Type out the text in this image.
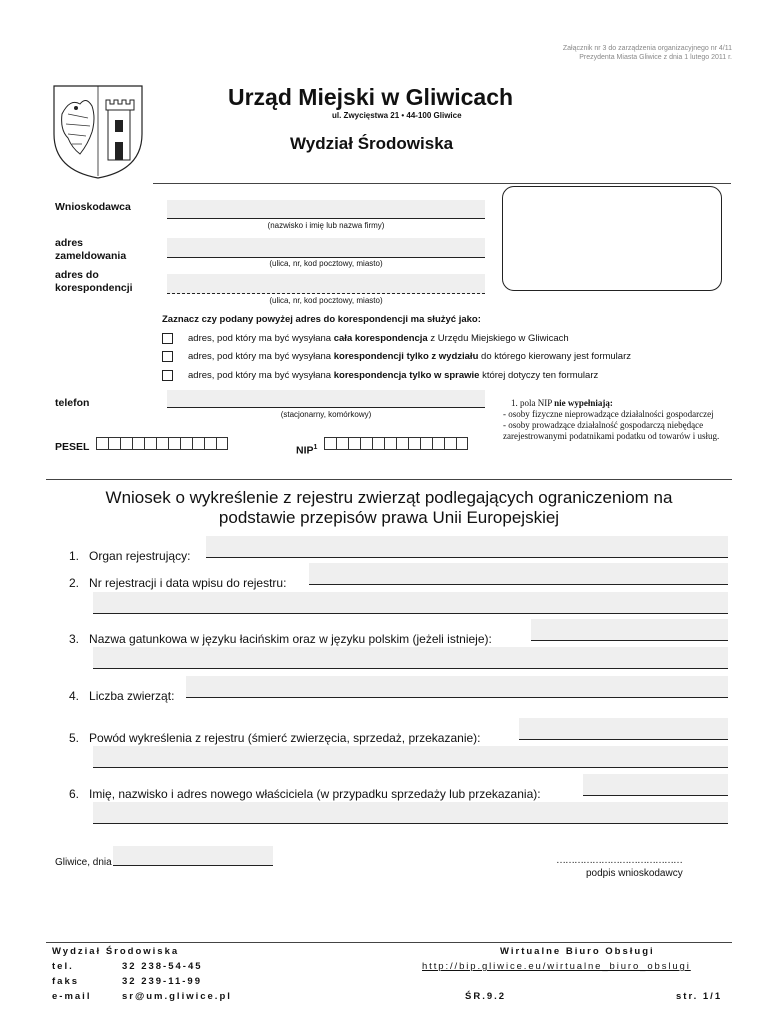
Załącznik nr 3 do zarządzenia organizacyjnego nr 4/11
Prezydenta Miasta Gliwice z dnia 1 lutego 2011 r.
Urząd Miejski w Gliwicach
ul. Zwycięstwa 21 • 44-100 Gliwice
Wydział Środowiska
Wnioskodawca
(nazwisko i imię lub nazwa firmy)
adres zameldowania
(ulica, nr, kod pocztowy, miasto)
adres do korespondencji
(ulica, nr, kod pocztowy, miasto)
Zaznacz czy podany powyżej adres do korespondencji ma służyć jako:
adres, pod który ma być wysyłana cała korespondencja z Urzędu Miejskiego w Gliwicach
adres, pod który ma być wysyłana korespondencji tylko z wydziału do którego kierowany jest formularz
adres, pod który ma być wysyłana korespondencja tylko w sprawie której dotyczy ten formularz
telefon
(stacjonarny, komórkowy)
PESEL	NIP$^1$
1. pola NIP nie wypełniają:
- osoby fizyczne nieprowadzące działalności gospodarczej
- osoby prowadzące działalność gospodarczą niebędące zarejestrowanymi podatnikami podatku od towarów i usług.
Wniosek o wykreślenie z rejestru zwierząt podlegających ograniczeniom na
podstawie przepisów prawa Unii Europejskiej
1. Organ rejestrujący:
2. Nr rejestracji i data wpisu do rejestru:
3. Nazwa gatunkowa w języku łacińskim oraz w języku polskim (jeżeli istnieje):
4. Liczba zwierząt:
5. Powód wykreślenia z rejestru (śmierć zwierzęcia, sprzedaż, przekazanie):
6. Imię, nazwisko i adres nowego właściciela (w przypadku sprzedaży lub przekazania):
Gliwice, dnia	……………………………………
podpis wnioskodawcy
Wydział Środowiska
tel.	32 238-54-45
faks	32 239-11-99
e-mail	sr@um.gliwice.pl
Wirtualne Biuro Obsługi
http://bip.gliwice.eu/wirtualne_biuro_obslugi
ŚR.9.2	str. 1/1
